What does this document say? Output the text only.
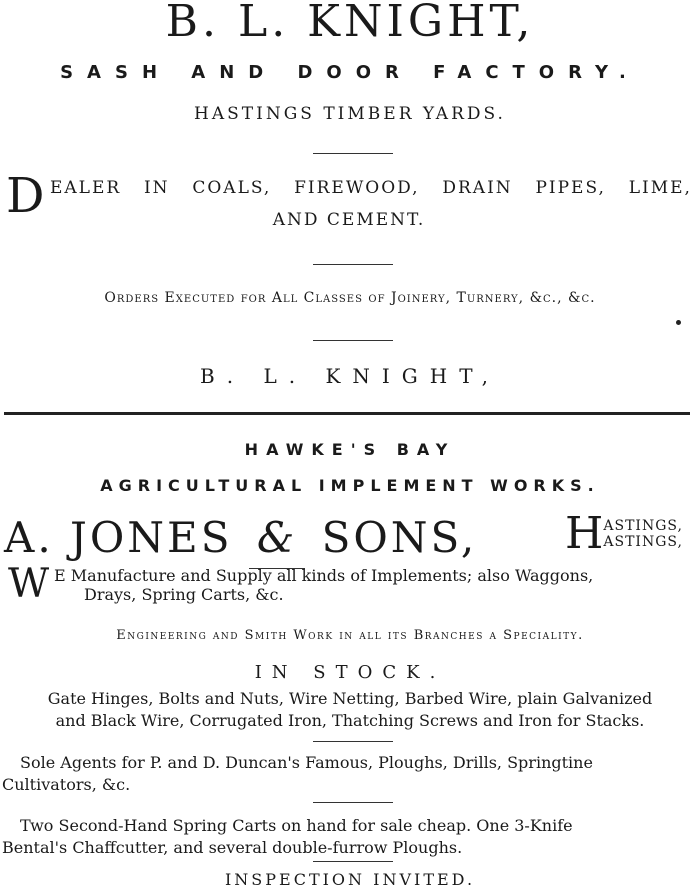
B. L. KNIGHT,
SASH AND DOOR FACTORY.
HASTINGS TIMBER YARDS.
D EALER IN COALS, FIREWOOD, DRAIN PIPES, LIME,
AND CEMENT.
Orders Executed for All Classes of Joinery, Turnery, &c., &c.
B. L. KNIGHT,
HAWKE'S BAY
AGRICULTURAL IMPLEMENT WORKS.
A. JONES & SONS, H ASTINGS,
ASTINGS,
W E Manufacture and Supply all kinds of Implements; also Waggons,
Drays, Spring Carts, &c.
Engineering and Smith Work in all its Branches a Speciality.
IN STOCK.
Gate Hinges, Bolts and Nuts, Wire Netting, Barbed Wire, plain Galvanized
and Black Wire, Corrugated Iron, Thatching Screws and Iron for Stacks.
Sole Agents for P. and D. Duncan's Famous, Ploughs, Drills, Springtine
Cultivators, &c.
Two Second-Hand Spring Carts on hand for sale cheap. One 3-Knife
Bental's Chaffcutter, and several double-furrow Ploughs.
INSPECTION INVITED.
